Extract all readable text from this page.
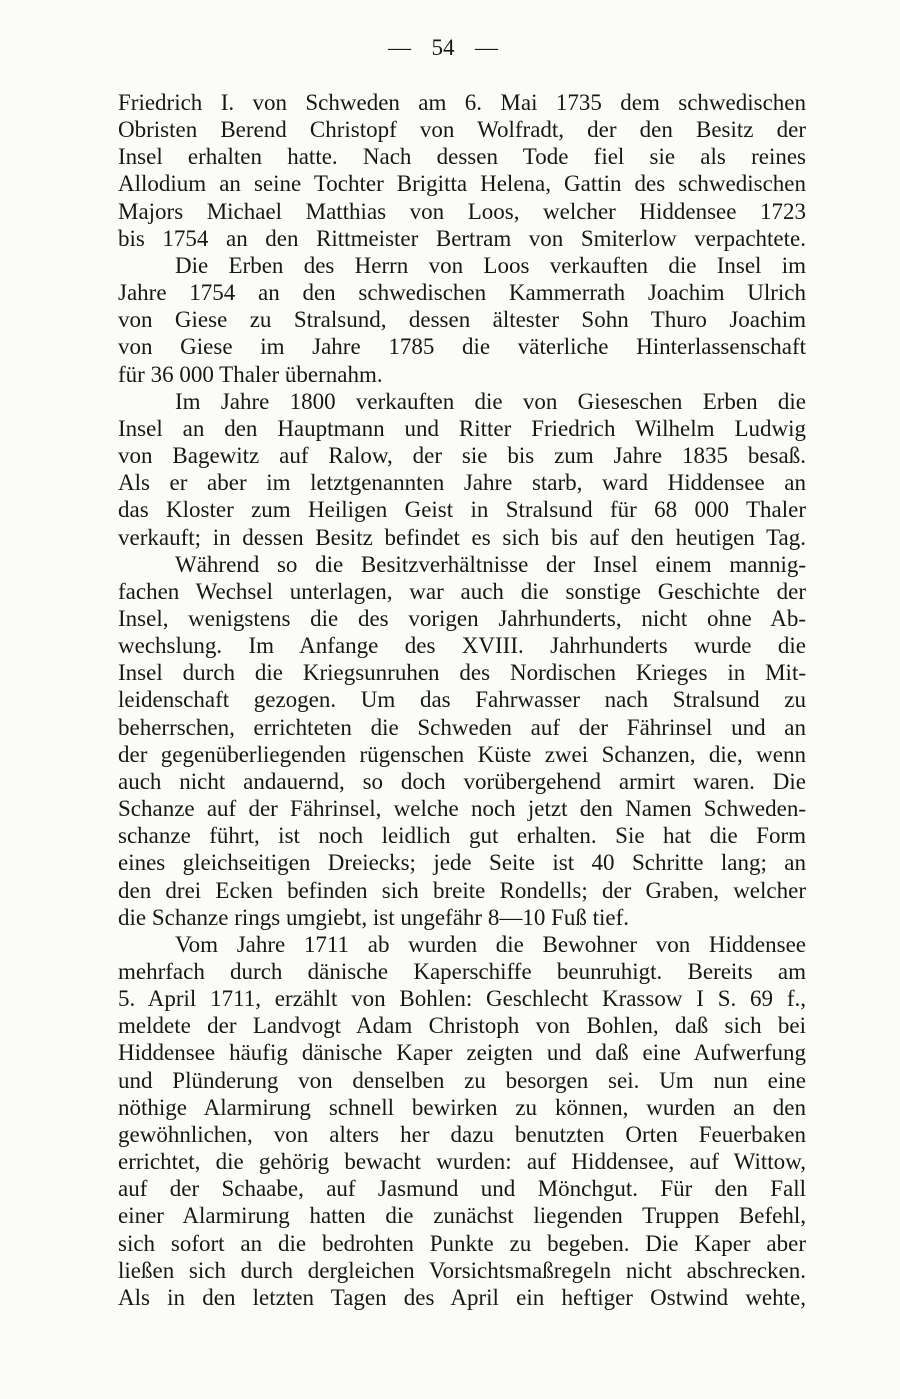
— 54 —
Friedrich I. von Schweden am 6. Mai 1735 dem schwedischen
Obristen Berend Christopf von Wolfradt, der den Besitz der
Insel erhalten hatte. Nach dessen Tode fiel sie als reines
Allodium an seine Tochter Brigitta Helena, Gattin des schwedischen
Majors Michael Matthias von Loos, welcher Hiddensee 1723
bis 1754 an den Rittmeister Bertram von Smiterlow verpachtete.
Die Erben des Herrn von Loos verkauften die Insel im
Jahre 1754 an den schwedischen Kammerrath Joachim Ulrich
von Giese zu Stralsund, dessen ältester Sohn Thuro Joachim
von Giese im Jahre 1785 die väterliche Hinterlassenschaft
für 36 000 Thaler übernahm.
Im Jahre 1800 verkauften die von Gieseschen Erben die
Insel an den Hauptmann und Ritter Friedrich Wilhelm Ludwig
von Bagewitz auf Ralow, der sie bis zum Jahre 1835 besaß.
Als er aber im letztgenannten Jahre starb, ward Hiddensee an
das Kloster zum Heiligen Geist in Stralsund für 68 000 Thaler
verkauft; in dessen Besitz befindet es sich bis auf den heutigen Tag.
Während so die Besitzverhältnisse der Insel einem mannig-
fachen Wechsel unterlagen, war auch die sonstige Geschichte der
Insel, wenigstens die des vorigen Jahrhunderts, nicht ohne Ab-
wechslung. Im Anfange des XVIII. Jahrhunderts wurde die
Insel durch die Kriegsunruhen des Nordischen Krieges in Mit-
leidenschaft gezogen. Um das Fahrwasser nach Stralsund zu
beherrschen, errichteten die Schweden auf der Fährinsel und an
der gegenüberliegenden rügenschen Küste zwei Schanzen, die, wenn
auch nicht andauernd, so doch vorübergehend armirt waren. Die
Schanze auf der Fährinsel, welche noch jetzt den Namen Schweden-
schanze führt, ist noch leidlich gut erhalten. Sie hat die Form
eines gleichseitigen Dreiecks; jede Seite ist 40 Schritte lang; an
den drei Ecken befinden sich breite Rondells; der Graben, welcher
die Schanze rings umgiebt, ist ungefähr 8—10 Fuß tief.
Vom Jahre 1711 ab wurden die Bewohner von Hiddensee
mehrfach durch dänische Kaperschiffe beunruhigt. Bereits am
5. April 1711, erzählt von Bohlen: Geschlecht Krassow I S. 69 f.,
meldete der Landvogt Adam Christoph von Bohlen, daß sich bei
Hiddensee häufig dänische Kaper zeigten und daß eine Aufwerfung
und Plünderung von denselben zu besorgen sei. Um nun eine
nöthige Alarmirung schnell bewirken zu können, wurden an den
gewöhnlichen, von alters her dazu benutzten Orten Feuerbaken
errichtet, die gehörig bewacht wurden: auf Hiddensee, auf Wittow,
auf der Schaabe, auf Jasmund und Mönchgut. Für den Fall
einer Alarmirung hatten die zunächst liegenden Truppen Befehl,
sich sofort an die bedrohten Punkte zu begeben. Die Kaper aber
ließen sich durch dergleichen Vorsichtsmaßregeln nicht abschrecken.
Als in den letzten Tagen des April ein heftiger Ostwind wehte,
